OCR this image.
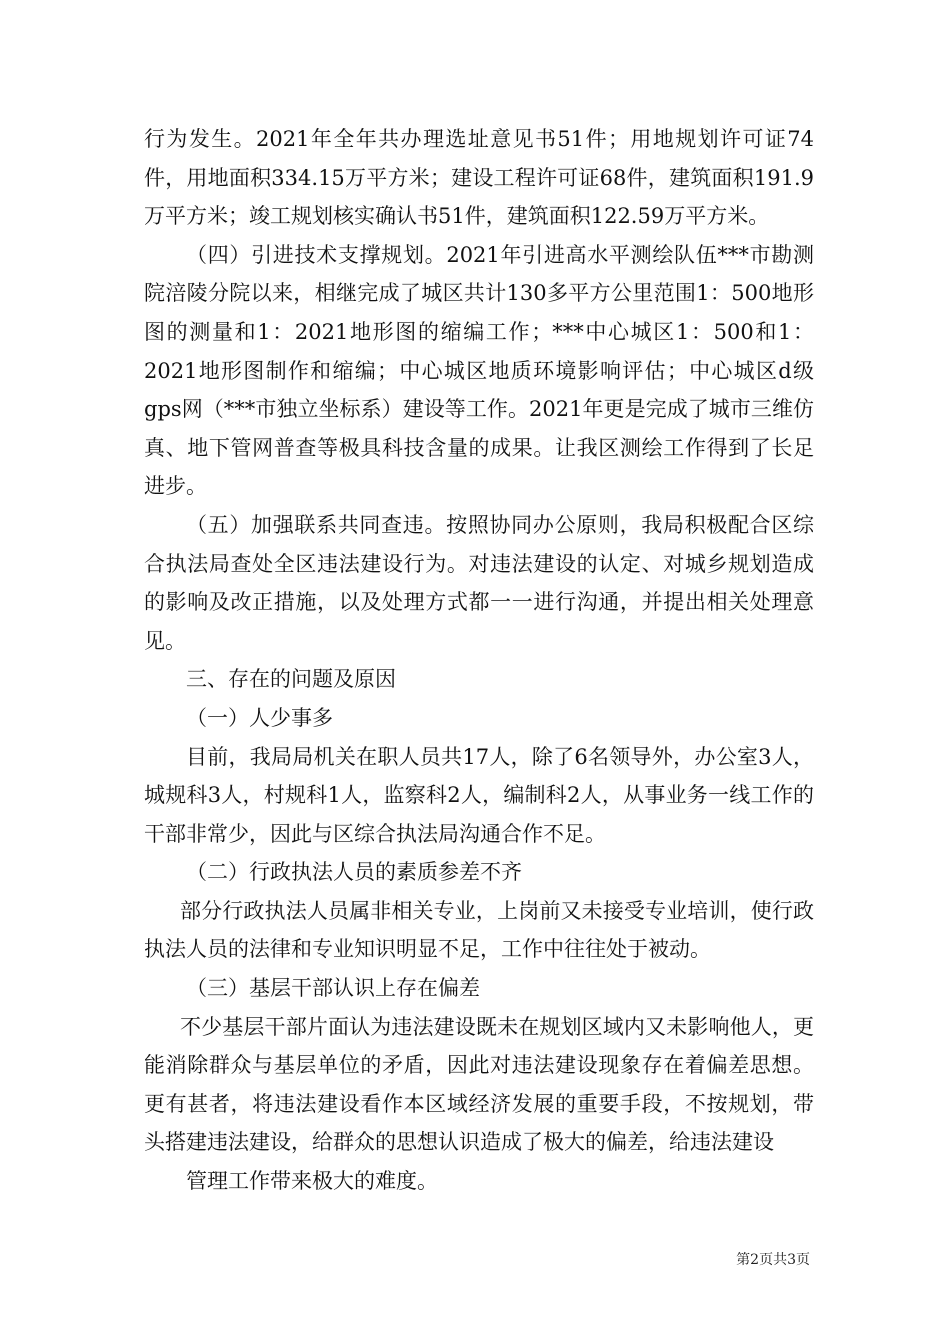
行为发生。2021年全年共办理选址意见书51件；用地规划许可证74件，用地面积334.15万平方米；建设工程许可证68件，建筑面积191.9万平方米；竣工规划核实确认书51件，建筑面积122.59万平方米。

（四）引进技术支撑规划。2021年引进高水平测绘队伍***市勘测院涪陵分院以来，相继完成了城区共计130多平方公里范围1：500地形图的测量和1：2021地形图的缩编工作；***中心城区1：500和1：2021地形图制作和缩编；中心城区地质环境影响评估；中心城区d级gps网（***市独立坐标系）建设等工作。2021年更是完成了城市三维仿真、地下管网普查等极具科技含量的成果。让我区测绘工作得到了长足进步。

（五）加强联系共同查违。按照协同办公原则，我局积极配合区综合执法局查处全区违法建设行为。对违法建设的认定、对城乡规划造成的影响及改正措施，以及处理方式都一一进行沟通，并提出相关处理意见。

三、存在的问题及原因

（一）人少事多

目前，我局局机关在职人员共17人，除了6名领导外，办公室3人，城规科3人，村规科1人，监察科2人，编制科2人，从事业务一线工作的干部非常少，因此与区综合执法局沟通合作不足。

（二）行政执法人员的素质参差不齐

部分行政执法人员属非相关专业，上岗前又未接受专业培训，使行政执法人员的法律和专业知识明显不足，工作中往往处于被动。

（三）基层干部认识上存在偏差

不少基层干部片面认为违法建设既未在规划区域内又未影响他人，更能消除群众与基层单位的矛盾，因此对违法建设现象存在着偏差思想。更有甚者，将违法建设看作本区域经济发展的重要手段，不按规划，带头搭建违法建设，给群众的思想认识造成了极大的偏差，给违法建设

管理工作带来极大的难度。

第2页共3页
